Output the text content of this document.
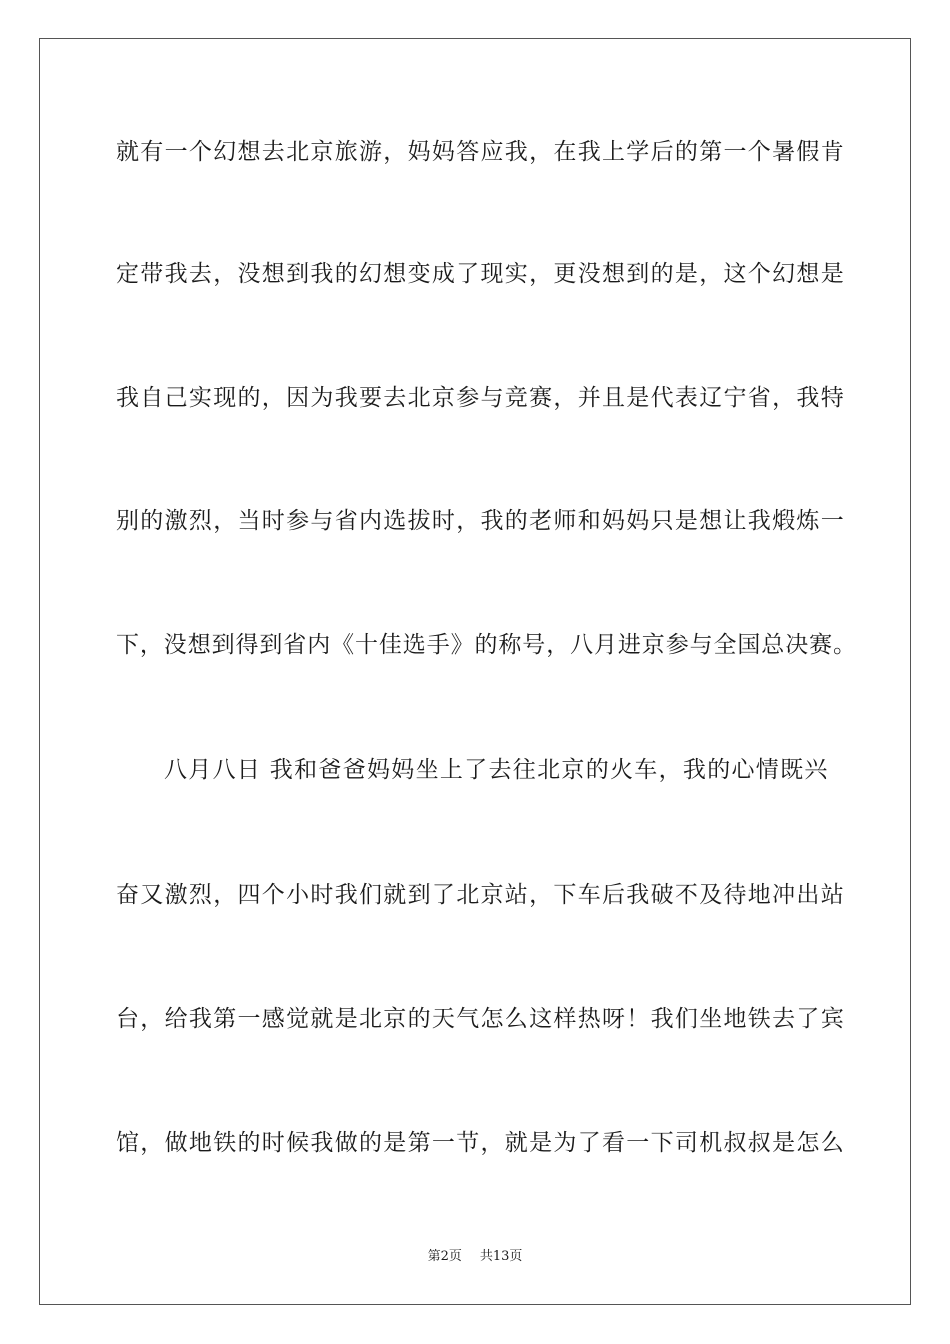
就有一个幻想去北京旅游，妈妈答应我，在我上学后的第一个暑假肯
定带我去，没想到我的幻想变成了现实，更没想到的是，这个幻想是
我自己实现的，因为我要去北京参与竞赛，并且是代表辽宁省，我特
别的激烈，当时参与省内选拔时，我的老师和妈妈只是想让我煅炼一
下，没想到得到省内《十佳选手》的称号，八月进京参与全国总决赛。
八月八日 我和爸爸妈妈坐上了去往北京的火车，我的心情既兴
奋又激烈，四个小时我们就到了北京站，下车后我破不及待地冲出站
台，给我第一感觉就是北京的天气怎么这样热呀！我们坐地铁去了宾
馆，做地铁的时候我做的是第一节，就是为了看一下司机叔叔是怎么
第2页 共13页
